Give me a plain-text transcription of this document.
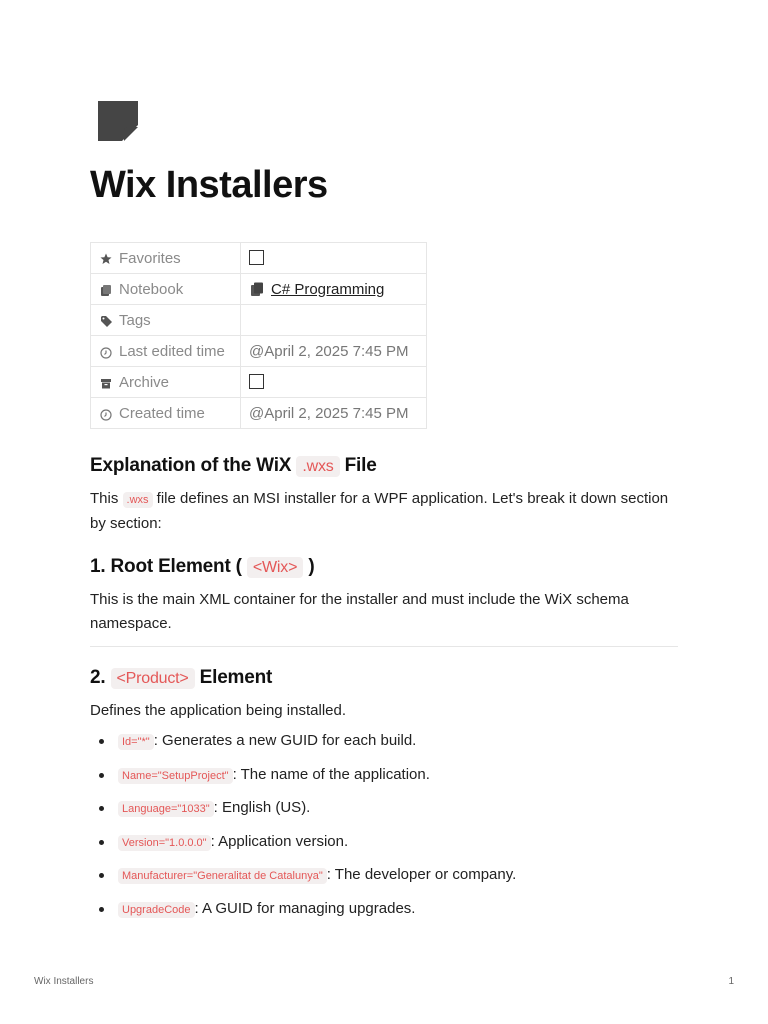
Wix Installers
Favorites	

Notebook	C# Programming

Tags	

Last edited time	@April 2, 2025 7:45 PM

Archive	

Created time	@April 2, 2025 7:45 PM
Explanation of the WiX .wxs File

This .wxs file defines an MSI installer for a WPF application. Let's break it down section by section:

1. Root Element ( <Wix> )

This is the main XML container for the installer and must include the WiX schema namespace.

2. <Product> Element

Defines the application being installed.

Id="*" : Generates a new GUID for each build.
Name="SetupProject" : The name of the application.
Language="1033" : English (US).
Version="1.0.0.0" : Application version.
Manufacturer="Generalitat de Catalunya" : The developer or company.
UpgradeCode : A GUID for managing upgrades.
Wix Installers	1
